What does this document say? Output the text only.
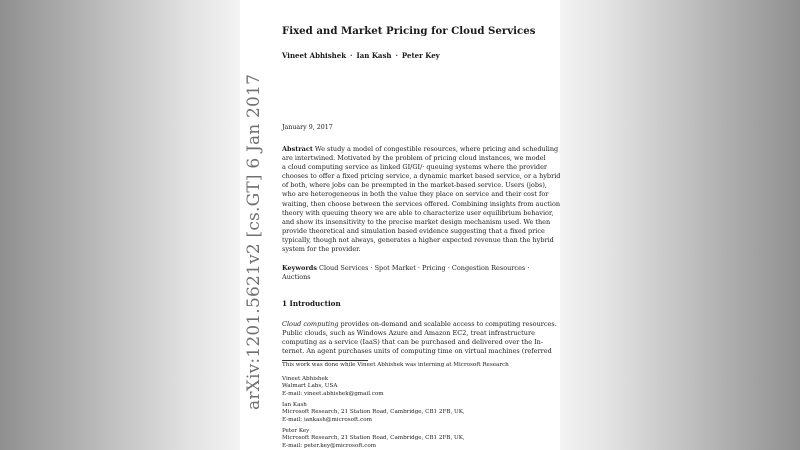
arXiv:1201.5621v2 [cs.GT] 6 Jan 2017
Fixed and Market Pricing for Cloud Services
Vineet Abhishek · Ian Kash · Peter Key
January 9, 2017
Abstract We study a model of congestible resources, where pricing and scheduling
are intertwined. Motivated by the problem of pricing cloud instances, we model
a cloud computing service as linked GI/GI/· queuing systems where the provider
chooses to offer a fixed pricing service, a dynamic market based service, or a hybrid
of both, where jobs can be preempted in the market-based service. Users (jobs),
who are heterogeneous in both the value they place on service and their cost for
waiting, then choose between the services offered. Combining insights from auction
theory with queuing theory we are able to characterize user equilibrium behavior,
and show its insensitivity to the precise market design mechanism used. We then
provide theoretical and simulation based evidence suggesting that a fixed price
typically, though not always, generates a higher expected revenue than the hybrid
system for the provider.
Keywords Cloud Services · Spot Market · Pricing · Congestion Resources ·
Auctions
1 Introduction
Cloud computing provides on-demand and scalable access to computing resources.
Public clouds, such as Windows Azure and Amazon EC2, treat infrastructure
computing as a service (IaaS) that can be purchased and delivered over the In-
ternet. An agent purchases units of computing time on virtual machines (referred
This work was done while Vineet Abhishek was interning at Microsoft Research
Vineet Abhishek
Walmart Labs, USA
E-mail: vineet.abhishek@gmail.com
Ian Kash
Microsoft Research, 21 Station Road, Cambridge, CB1 2FB, UK,
E-mail: iankash@microsoft.com
Peter Key
Microsoft Research, 21 Station Road, Cambridge, CB1 2FB, UK,
E-mail: peter.key@microsoft.com
